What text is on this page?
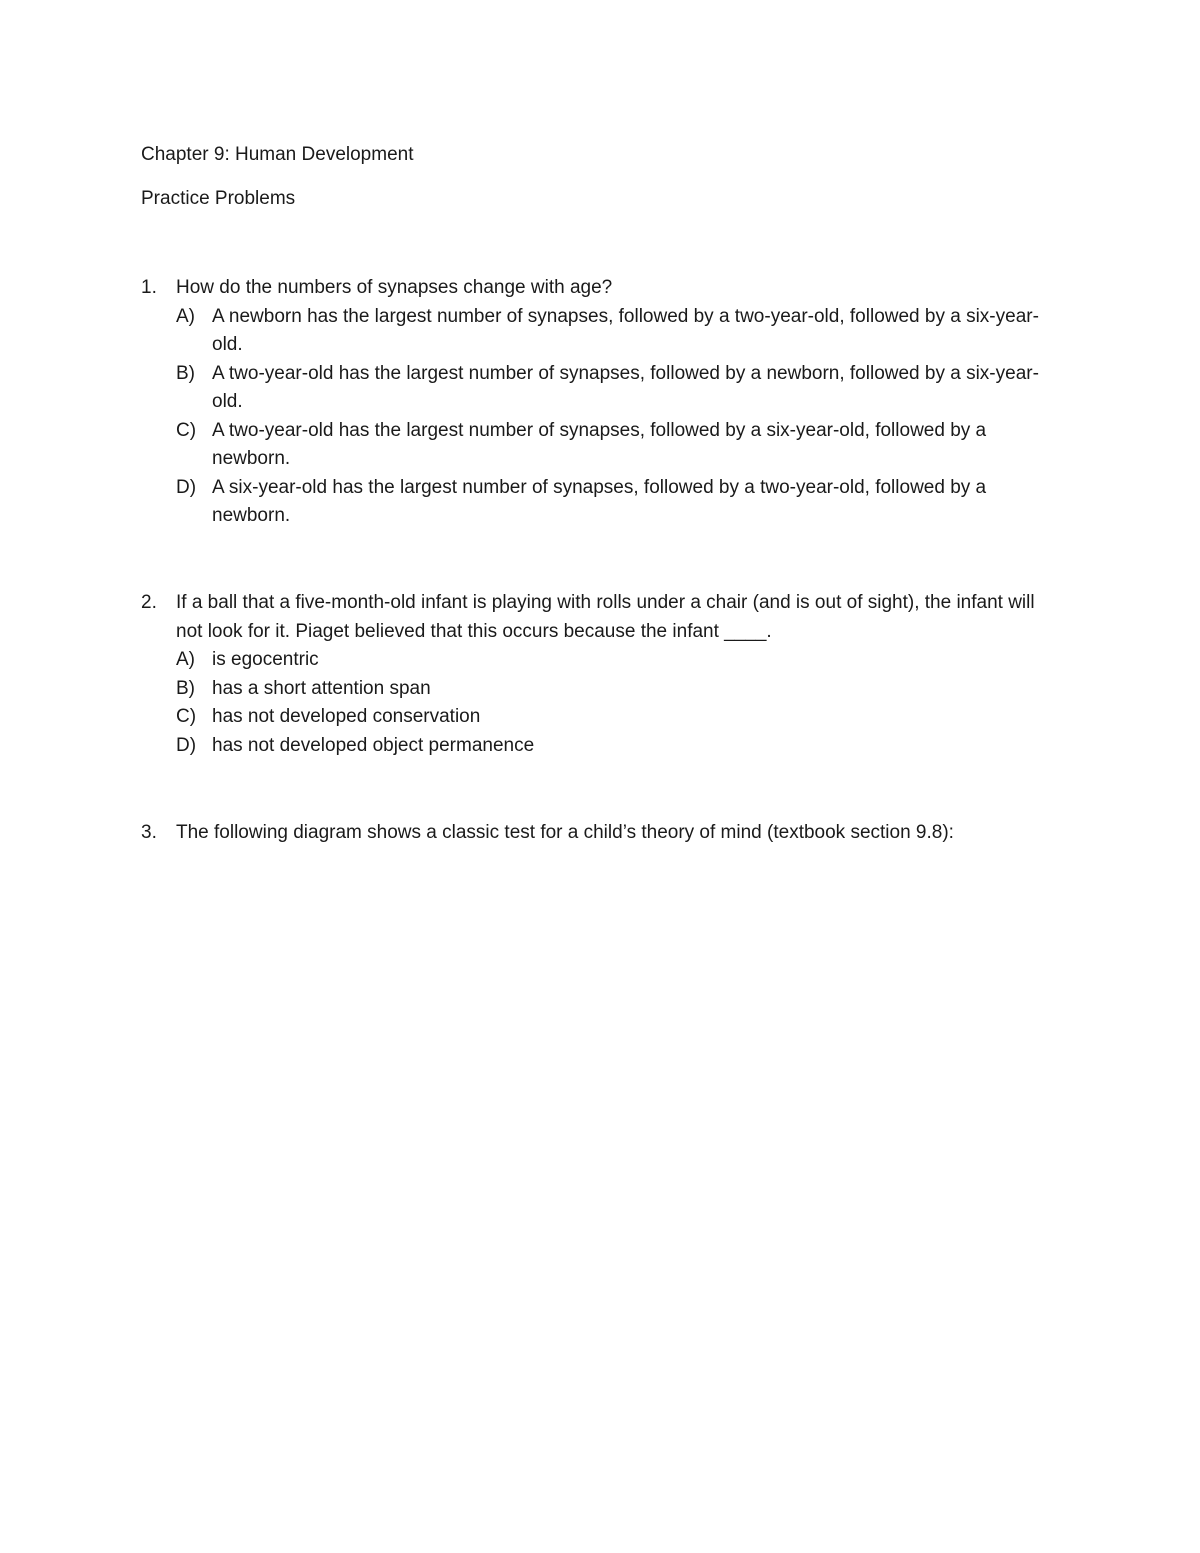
Chapter 9: Human Development
Practice Problems
1.	How do the numbers of synapses change with age?
A) A newborn has the largest number of synapses, followed by a two-year-old, followed by a six-year-old.
B) A two-year-old has the largest number of synapses, followed by a newborn, followed by a six-year-old.
C) A two-year-old has the largest number of synapses, followed by a six-year-old, followed by a newborn.
D) A six-year-old has the largest number of synapses, followed by a two-year-old, followed by a newborn.
2.	If a ball that a five-month-old infant is playing with rolls under a chair (and is out of sight), the infant will not look for it. Piaget believed that this occurs because the infant ____.
A) is egocentric
B) has a short attention span
C) has not developed conservation
D) has not developed object permanence
3.	The following diagram shows a classic test for a child’s theory of mind (textbook section 9.8):
